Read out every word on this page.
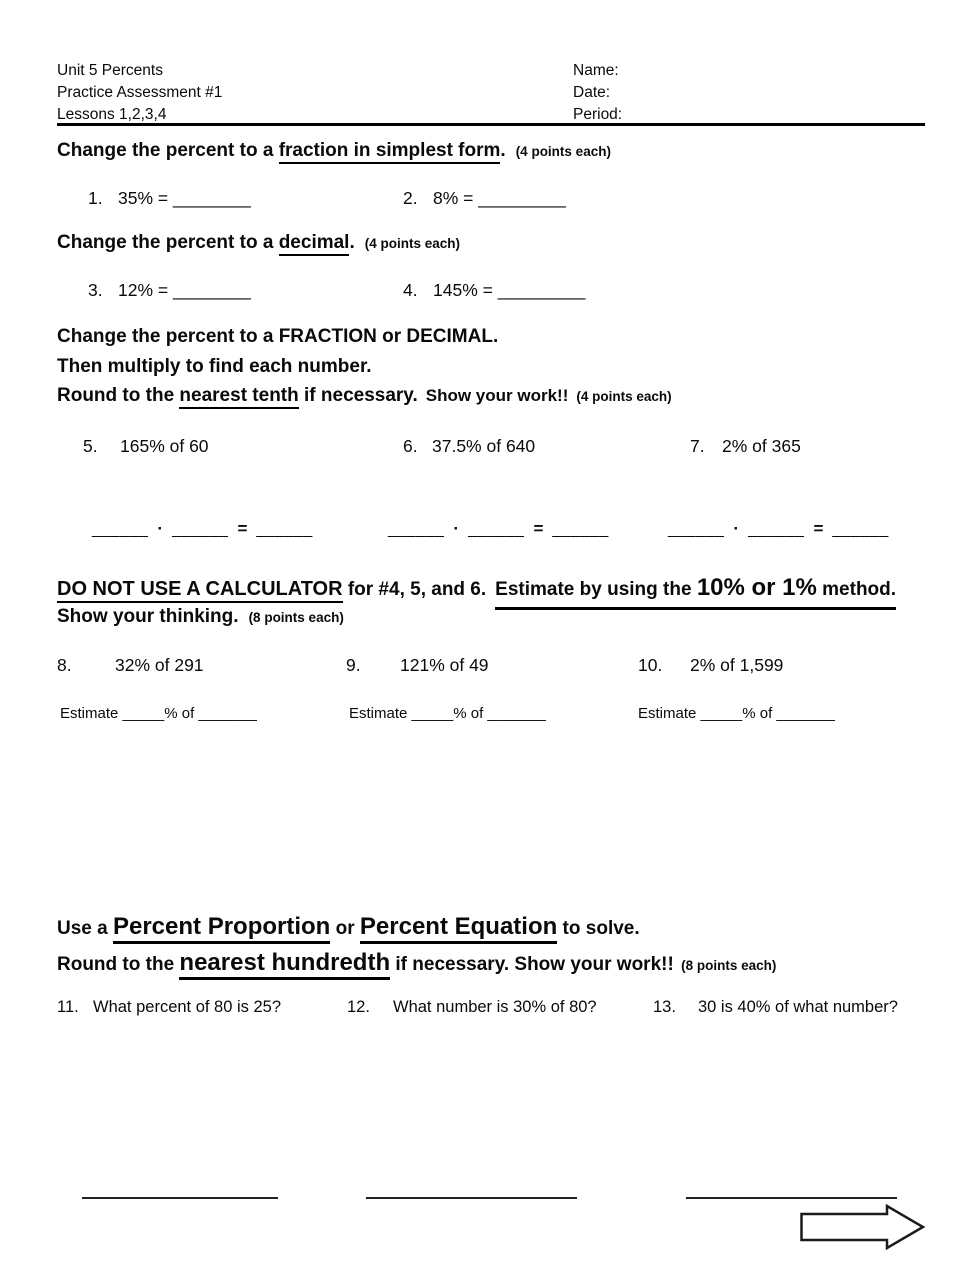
Unit 5 Percents
Practice Assessment #1
Lessons 1,2,3,4
Name:
Date:
Period:
Change the percent to a fraction in simplest form. (4 points each)
1. 35% = ________	2. 8% = _________
Change the percent to a decimal. (4 points each)
3. 12% = ________	4. 145% = _________
Change the percent to a FRACTION or DECIMAL.
Then multiply to find each number.
Round to the nearest tenth if necessary. Show your work!! (4 points each)
5. 165% of 60	6. 37.5% of 640	7. 2% of 365
______ · ______ = ______	______ · ______ = ______	______ · ______ = ______
DO NOT USE A CALCULATOR for #4, 5, and 6. Estimate by using the 10% or 1% method.
Show your thinking. (8 points each)
8. 32% of 291	9. 121% of 49	10. 2% of 1,599
Estimate _____% of _______	Estimate _____% of _______	Estimate _____% of _______
Use a Percent Proportion or Percent Equation to solve.
Round to the nearest hundredth if necessary. Show your work!! (8 points each)
11. What percent of 80 is 25?	12. What number is 30% of 80?	13. 30 is 40% of what number?
